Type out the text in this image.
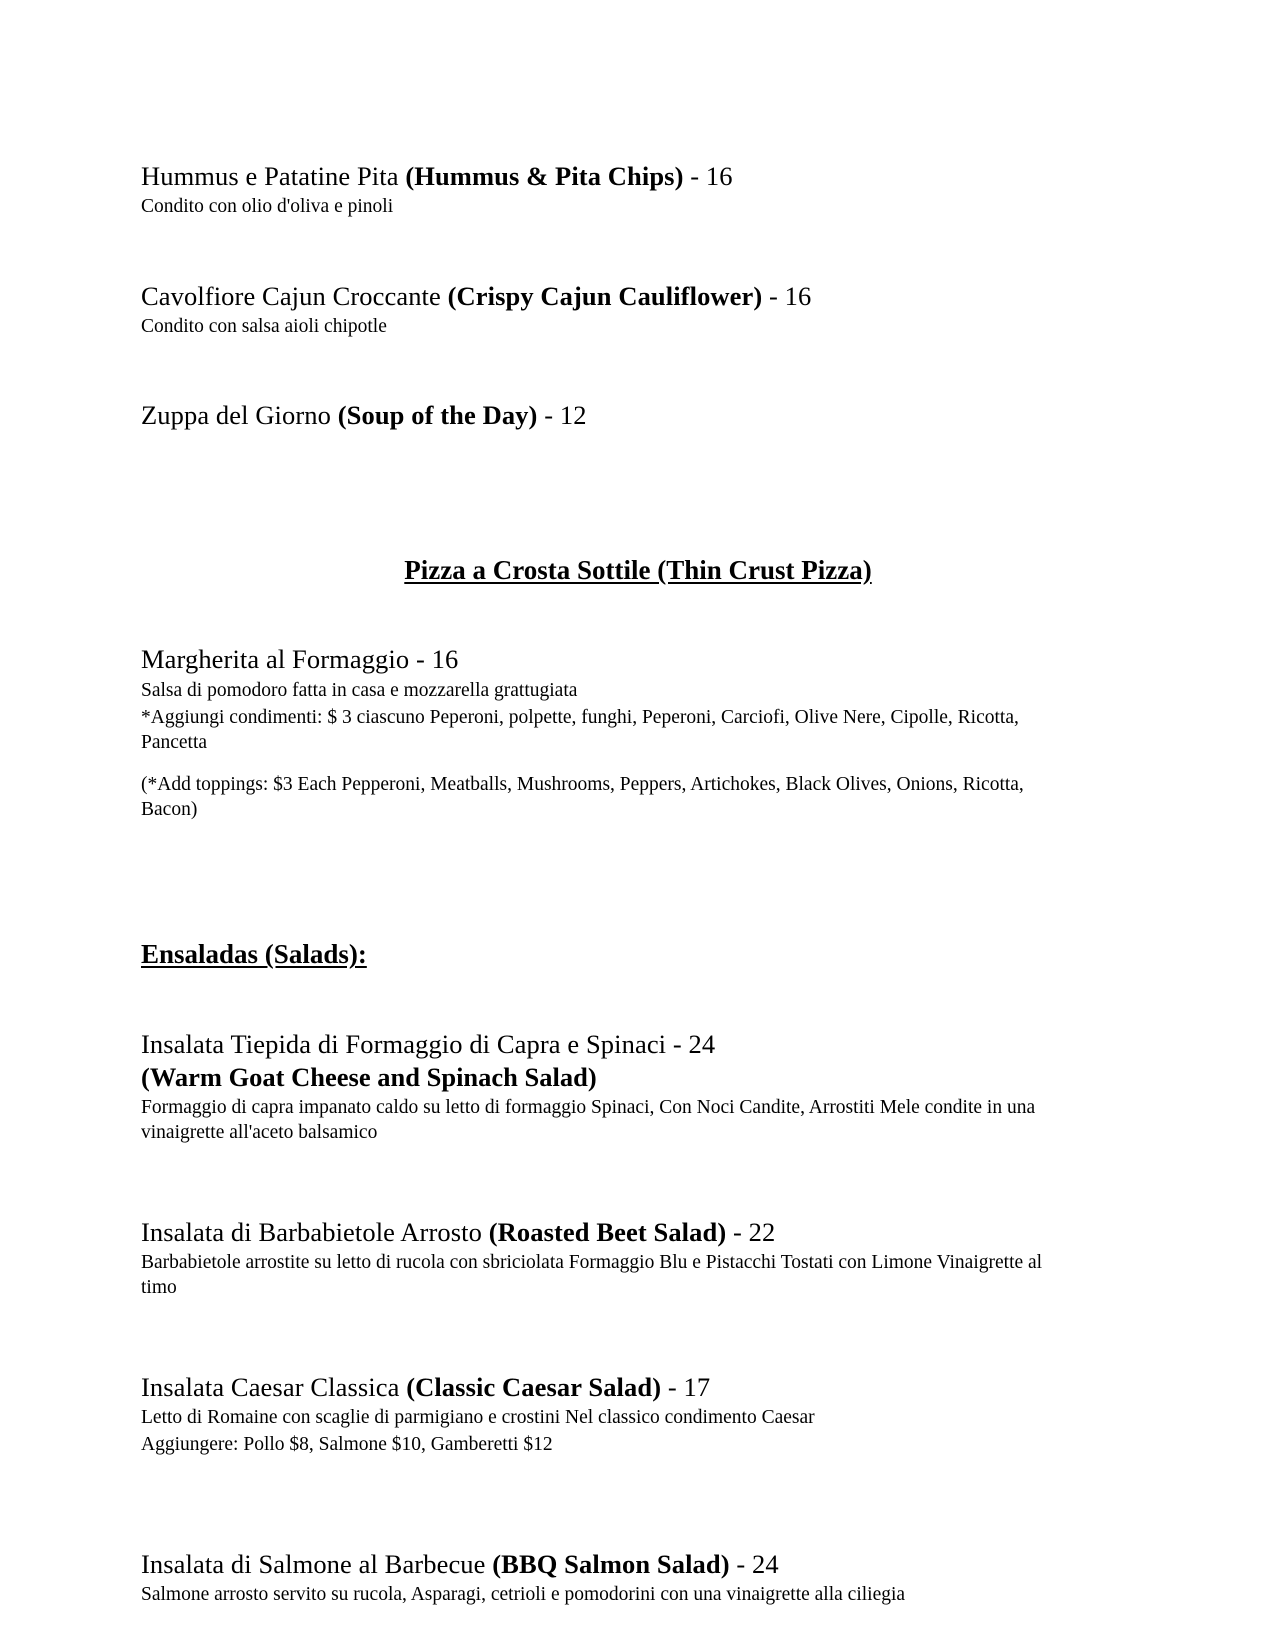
Hummus e Patatine Pita (Hummus & Pita Chips) - 16

Condito con olio d'oliva e pinoli

Cavolfiore Cajun Croccante (Crispy Cajun Cauliflower) - 16

Condito con salsa aioli chipotle

Zuppa del Giorno (Soup of the Day) - 12

Pizza a Crosta Sottile (Thin Crust Pizza)

Margherita al Formaggio - 16

Salsa di pomodoro fatta in casa e mozzarella grattugiata

*Aggiungi condimenti: $ 3 ciascuno Peperoni, polpette, funghi, Peperoni, Carciofi, Olive Nere, Cipolle, Ricotta, Pancetta

(*Add toppings: $3 Each Pepperoni, Meatballs, Mushrooms, Peppers, Artichokes, Black Olives, Onions, Ricotta, Bacon)

Ensaladas (Salads):

Insalata Tiepida di Formaggio di Capra e Spinaci - 24

(Warm Goat Cheese and Spinach Salad)

Formaggio di capra impanato caldo su letto di formaggio Spinaci, Con Noci Candite, Arrostiti Mele condite in una vinaigrette all'aceto balsamico

Insalata di Barbabietole Arrosto (Roasted Beet Salad) - 22

Barbabietole arrostite su letto di rucola con sbriciolata Formaggio Blu e Pistacchi Tostati con Limone Vinaigrette al timo

Insalata Caesar Classica (Classic Caesar Salad) - 17

Letto di Romaine con scaglie di parmigiano e crostini Nel classico condimento Caesar

Aggiungere: Pollo $8, Salmone $10, Gamberetti $12

Insalata di Salmone al Barbecue (BBQ Salmon Salad) - 24

Salmone arrosto servito su rucola, Asparagi, cetrioli e pomodorini con una vinaigrette alla ciliegia
